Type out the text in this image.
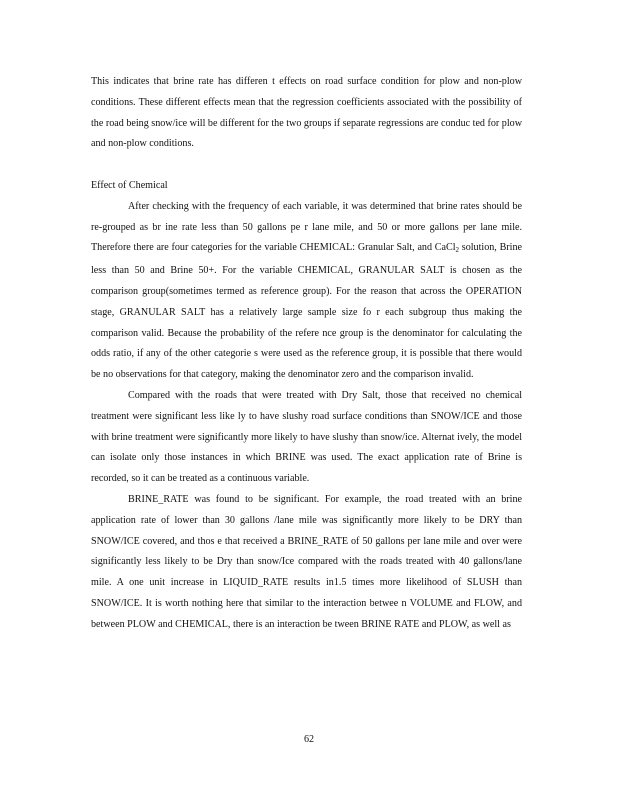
This indicates that brine rate has differen t effects on road surface condition for plow and non-plow conditions. These different effects mean that the regression coefficients associated with the possibility of the road being snow/ice will be different for the two groups if separate regressions are conduc ted for plow and non-plow conditions.

Effect of Chemical

After checking with the frequency of each variable, it was determined that brine rates should be re-grouped as br ine rate less than 50 gallons pe r lane mile, and 50 or more gallons per lane mile. Therefore there are four categories for the variable CHEMICAL: Granular Salt, and CaCl$_2$ solution, Brine less than 50 and Brine 50+. For the variable CHEMICAL, GRANULAR SALT is chosen as the comparison group(sometimes termed as reference group). For the reason that across the OPERATION stage, GRANULAR SALT has a relatively large sample size fo r each subgroup thus making the comparison valid. Because the probability of the refere nce group is the denominator for calculating the odds ratio, if any of the other categorie s were used as the reference group, it is possible that there would be no observations for that category, making the denominator zero and the comparison invalid.

Compared with the roads that were treated with Dry Salt, those that received no chemical treatment were significant less like ly to have slushy road surface conditions than SNOW/ICE and those with brine treatment were significantly more likely to have slushy than snow/ice. Alternat ively, the model can isolate only those instances in which BRINE was used. The exact application rate of Brine is recorded, so it can be treated as a continuous variable.

BRINE_RATE was found to be significant. For example, the road treated with an brine application rate of lower than 30 gallons /lane mile was significantly more likely to be DRY than SNOW/ICE covered, and thos e that received a BRINE_RATE of 50 gallons per lane mile and over were significantly less likely to be Dry than snow/Ice compared with the roads treated with 40 gallons/lane mile. A one unit increase in LIQUID_RATE results in1.5 times more likelihood of SLUSH than SNOW/ICE. It is worth nothing here that similar to the interaction betwee n VOLUME and FLOW, and between PLOW and CHEMICAL, there is an interaction be tween BRINE RATE and PLOW, as well as

62
